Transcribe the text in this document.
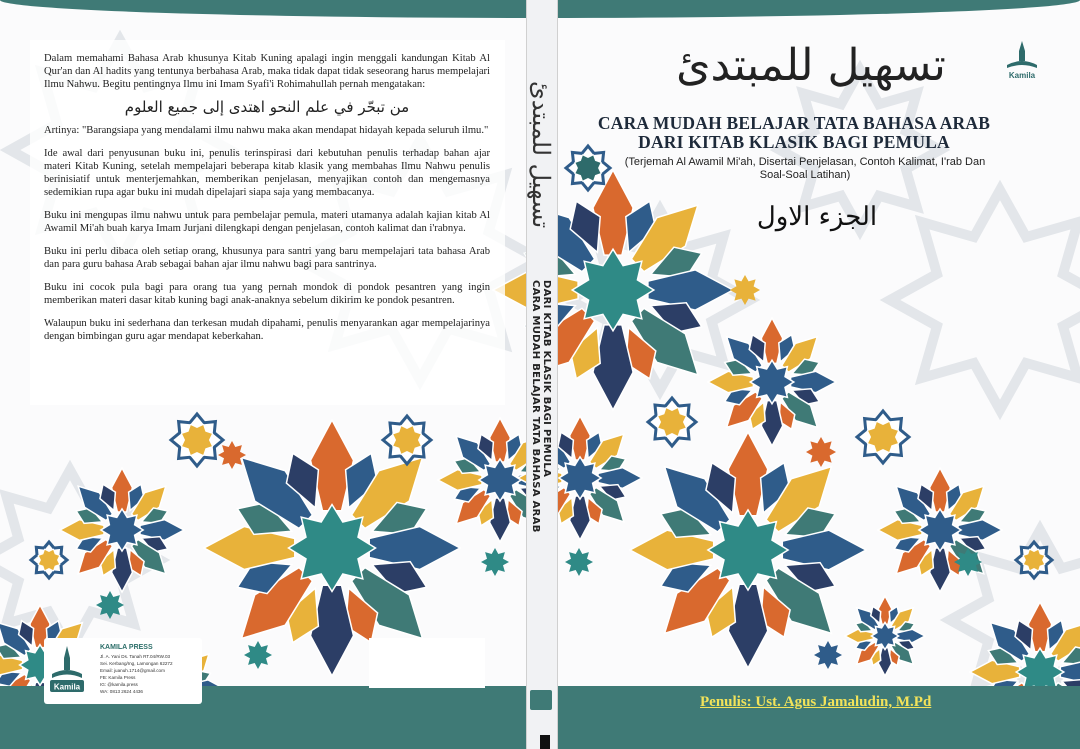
Dalam memahami Bahasa Arab khusunya Kitab Kuning apalagi ingin menggali kandungan Kitab Al Qur'an dan Al hadits yang tentunya berbahasa Arab, maka tidak dapat tidak seseorang harus mempelajari Ilmu Nahwu. Begitu pentingnya Ilmu ini Imam Syafi'i Rohimahullah pernah mengatakan:

من تبحّر في علم النحو اهتدى إلى جميع العلوم

Artinya: "Barangsiapa yang mendalami ilmu nahwu maka akan mendapat hidayah kepada seluruh ilmu."

Ide awal dari penyusunan buku ini, penulis terinspirasi dari kebutuhan penulis terhadap bahan ajar materi Kitab Kuning, setelah mempelajari beberapa kitab klasik yang membahas Ilmu Nahwu penulis berinisiatif untuk menterjemahkan, memberikan penjelasan, menyajikan contoh dan mengemasnya sedemikian rupa agar buku ini mudah dipelajari siapa saja yang membacanya.

Buku ini mengupas ilmu nahwu untuk para pembelajar pemula, materi utamanya adalah kajian kitab Al Awamil Mi'ah buah karya Imam Jurjani dilengkapi dengan penjelasan, contoh kalimat dan i'rabnya.

Buku ini perlu dibaca oleh setiap orang, khusunya para santri yang baru mempelajari tata bahasa Arab dan para guru bahasa Arab sebagai bahan ajar ilmu nahwu bagi para santrinya.

Buku ini cocok pula bagi para orang tua yang pernah mondok di pondok pesantren yang ingin memberikan materi dasar kitab kuning bagi anak-anaknya sebelum dikirim ke pondok pesantren.

Walaupun buku ini sederhana dan terkesan mudah dipahami, penulis menyarankan agar mempelajarinya dengan bimbingan guru agar mendapat keberkahan.

KAMILA PRESS
Jl. A. Yani Ds. Tanah RT.04/RW.03
Sei. Kerbang/Ing, Lamongan 62272
Email: juanuh.1714@gmail.com
FB: Kamila Press
IG: @kamila.press
WA: 0813 2624 4436
Kamila
تسهيل للمبتدئ
CARA MUDAH BELAJAR TATA BAHASA ARAB DARI KITAB KLASIK BAGI PEMULA
تسهيل للمبتدئ	Kamila
CARA MUDAH BELAJAR TATA BAHASA ARAB
DARI KITAB KLASIK BAGI PEMULA
(Terjemah Al Awamil Mi'ah, Disertai Penjelasan, Contoh Kalimat, I'rab Dan Soal-Soal Latihan)
الجزء الاول
Penulis: Ust. Agus Jamaludin, M.Pd
